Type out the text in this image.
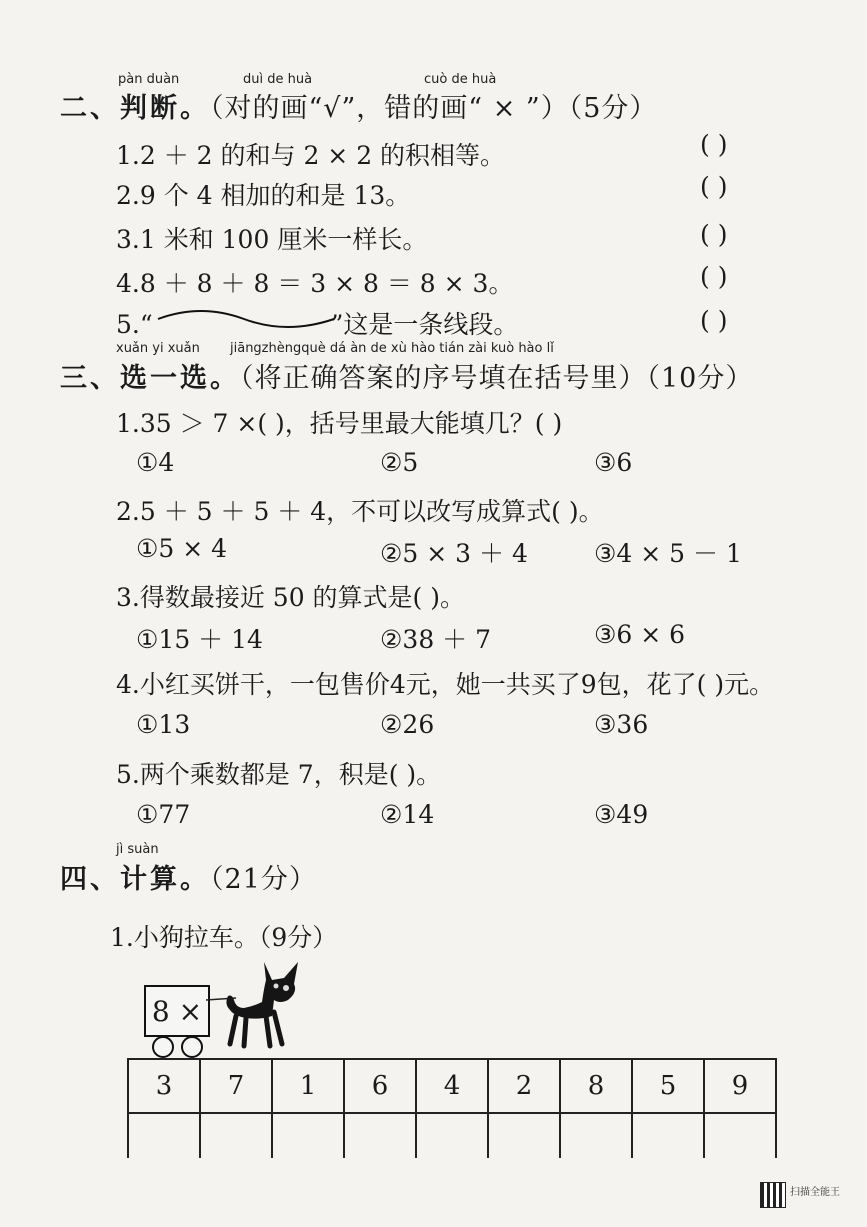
pàn duàn	duì de huà	cuò de huà
二、判断。（对的画“√”，错的画“ × ”）（5分）
1.2 ＋ 2 的和与 2 × 2 的积相等。	( )
2.9 个 4 相加的和是 13。	( )
3.1 米和 100 厘米一样长。	( )
4.8 ＋ 8 ＋ 8 ＝ 3 × 8 ＝ 8 × 3。	( )
5.“	”这是一条线段。	( )
xuǎn yi xuǎn jiāngzhèngquè dá àn de xù hào tián zài kuò hào lǐ
三、选一选。（将正确答案的序号填在括号里）（10分）
1.35 ＞ 7 ×( )，括号里最大能填几？( )
①4	②5	③6
2.5 ＋ 5 ＋ 5 ＋ 4，不可以改写成算式( )。
①5 × 4	②5 × 3 ＋ 4	③4 × 5 － 1
3.得数最接近 50 的算式是( )。
①15 ＋ 14	②38 ＋ 7	③6 × 6
4.小红买饼干，一包售价4元，她一共买了9包，花了( )元。
①13	②26	③36
5.两个乘数都是 7，积是( )。
①77	②14	③49
jì suàn
四、计算。（21分）
1.小狗拉车。（9分）
8 ×
3	7	1	6	4	2	8	5	9

扫描全能王
